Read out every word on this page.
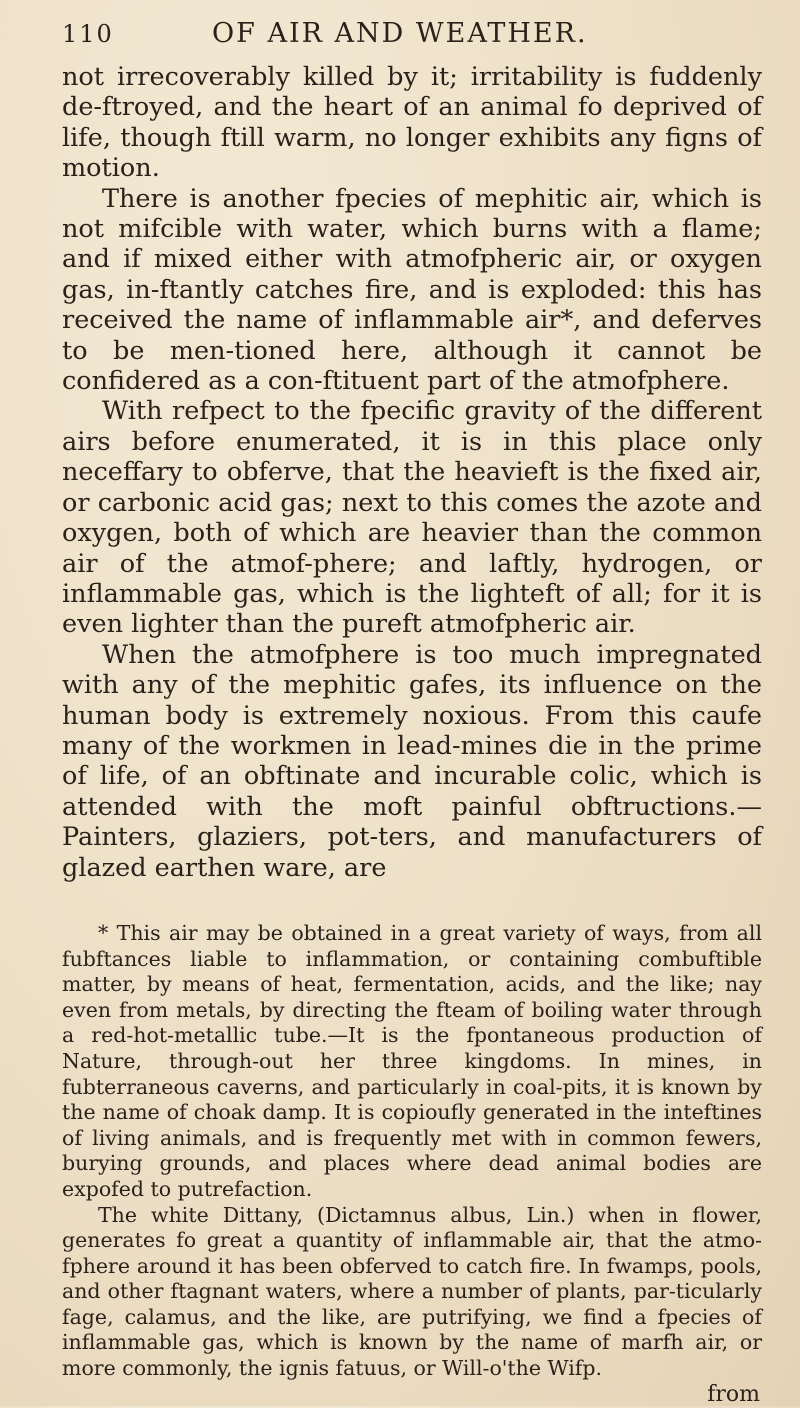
110	OF AIR AND WEATHER.

not irrecoverably killed by it; irritability is fuddenly de-ftroyed, and the heart of an animal fo deprived of life, though ftill warm, no longer exhibits any figns of motion.

There is another fpecies of mephitic air, which is not mifcible with water, which burns with a flame; and if mixed either with atmofpheric air, or oxygen gas, in-ftantly catches fire, and is exploded: this has received the name of inflammable air*, and deferves to be men-tioned here, although it cannot be confidered as a con-ftituent part of the atmofphere.

With refpect to the fpecific gravity of the different airs before enumerated, it is in this place only neceffary to obferve, that the heavieft is the fixed air, or carbonic acid gas; next to this comes the azote and oxygen, both of which are heavier than the common air of the atmof-phere; and laftly, hydrogen, or inflammable gas, which is the lighteft of all; for it is even lighter than the pureft atmofpheric air.

When the atmofphere is too much impregnated with any of the mephitic gafes, its influence on the human body is extremely noxious. From this caufe many of the workmen in lead-mines die in the prime of life, of an obftinate and incurable colic, which is attended with the moft painful obftructions.—Painters, glaziers, pot-ters, and manufacturers of glazed earthen ware, are

* This air may be obtained in a great variety of ways, from all fubftances liable to inflammation, or containing combuftible matter, by means of heat, fermentation, acids, and the like; nay even from metals, by directing the fteam of boiling water through a red-hot-metallic tube.—It is the fpontaneous production of Nature, through-out her three kingdoms. In mines, in fubterraneous caverns, and particularly in coal-pits, it is known by the name of choak damp. It is copioufly generated in the inteftines of living animals, and is frequently met with in common fewers, burying grounds, and places where dead animal bodies are expofed to putrefaction.

The white Dittany, (Dictamnus albus, Lin.) when in flower, generates fo great a quantity of inflammable air, that the atmo-fphere around it has been obferved to catch fire. In fwamps, pools, and other ftagnant waters, where a number of plants, par-ticularly fage, calamus, and the like, are putrifying, we find a fpecies of inflammable gas, which is known by the name of marfh air, or more commonly, the ignis fatuus, or Will-o'the Wifp.

from
